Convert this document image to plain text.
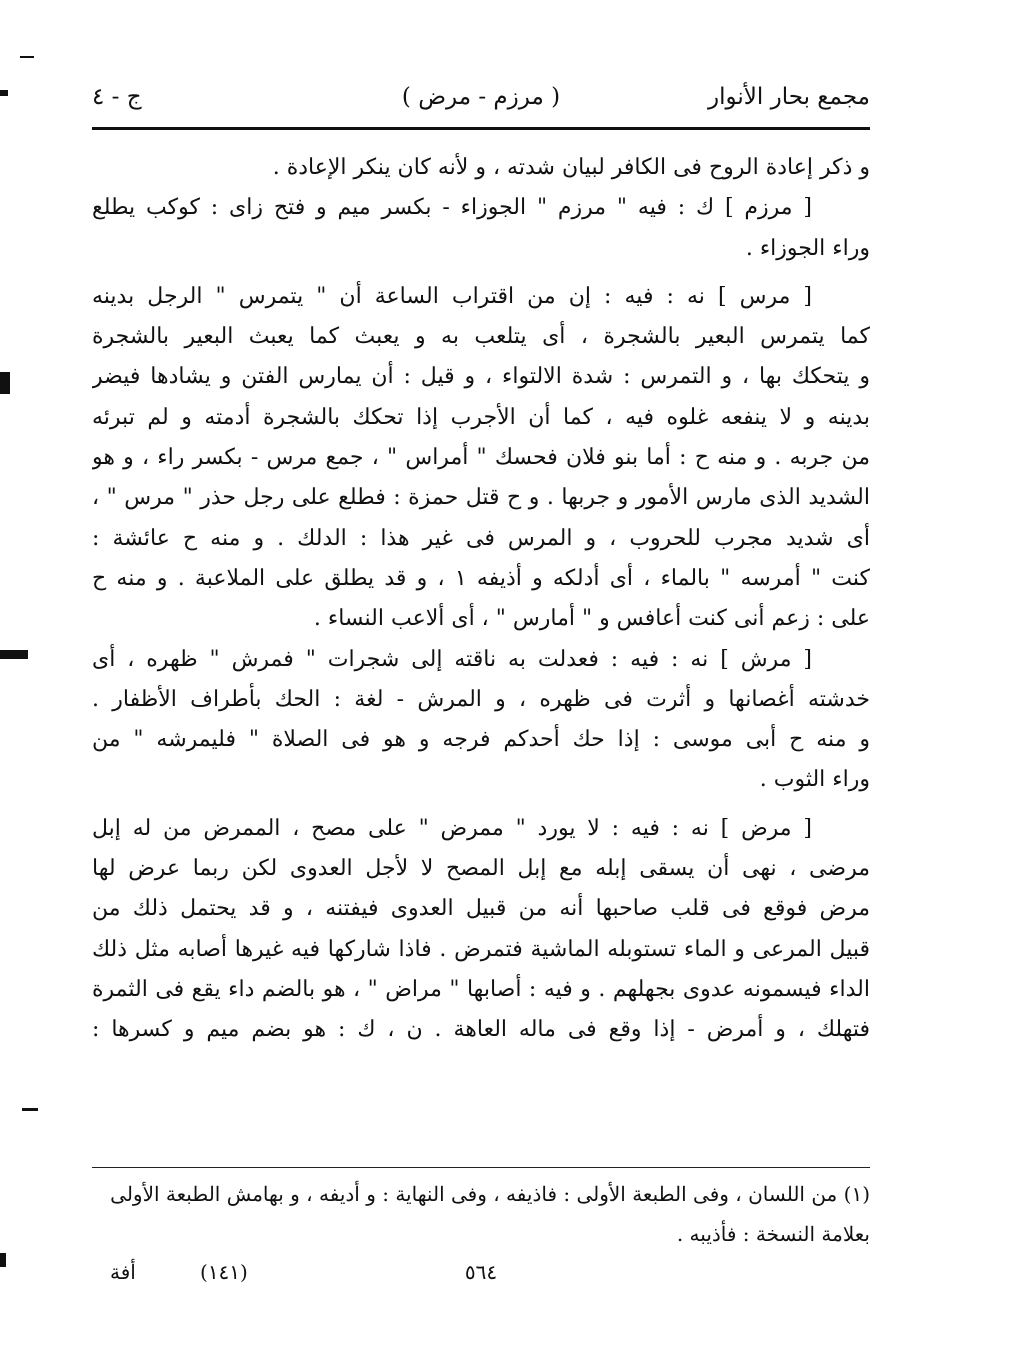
مجمع بحار الأنوار
( مرزم - مرض )
ج - ٤
و ذكر إعادة الروح فى الكافر لبيان شدته ، و لأنه كان ينكر الإعادة .
[ مرزم ] ك : فيه " مرزم " الجوزاء - بكسر ميم و فتح زاى : كوكب يطلع
وراء الجوزاء .
[ مرس ] نه : فيه : إن من اقتراب الساعة أن " يتمرس " الرجل بدينه
كما يتمرس البعير بالشجرة ، أى يتلعب به و يعبث كما يعبث البعير بالشجرة
و يتحكك بها ، و التمرس : شدة الالتواء ، و قيل : أن يمارس الفتن و يشادها فيضر
بدينه و لا ينفعه غلوه فيه ، كما أن الأجرب إذا تحكك بالشجرة أدمته و لم تبرئه
من جربه . و منه ح : أما بنو فلان فحسك " أمراس " ، جمع مرس - بكسر راء ، و هو
الشديد الذى مارس الأمور و جربها . و ح قتل حمزة : فطلع على رجل حذر " مرس " ،
أى شديد مجرب للحروب ، و المرس فى غير هذا : الدلك . و منه ح عائشة :
كنت " أمرسه " بالماء ، أى أدلكه و أذيفه ١ ، و قد يطلق على الملاعبة . و منه ح
على : زعم أنى كنت أعافس و " أمارس " ، أى ألاعب النساء .
[ مرش ] نه : فيه : فعدلت به ناقته إلى شجرات " فمرش " ظهره ، أى
خدشته أغصانها و أثرت فى ظهره ، و المرش - لغة : الحك بأطراف الأظفار .
و منه ح أبى موسى : إذا حك أحدكم فرجه و هو فى الصلاة " فليمرشه " من
وراء الثوب .
[ مرض ] نه : فيه : لا يورد " ممرض " على مصح ، الممرض من له إبل
مرضى ، نهى أن يسقى إبله مع إبل المصح لا لأجل العدوى لكن ربما عرض لها
مرض فوقع فى قلب صاحبها أنه من قبيل العدوى فيفتنه ، و قد يحتمل ذلك من
قبيل المرعى و الماء تستوبله الماشية فتمرض . فاذا شاركها فيه غيرها أصابه مثل ذلك
الداء فيسمونه عدوى بجهلهم . و فيه : أصابها " مراض " ، هو بالضم داء يقع فى الثمرة
فتهلك ، و أمرض - إذا وقع فى ماله العاهة . ن ، ك : هو بضم ميم و كسرها :
(١) من اللسان ، وفى الطبعة الأولى : فاذيفه ، وفى النهاية : و أديفه ، و بهامش الطبعة الأولى
بعلامة النسخة : فأذيبه .
٥٦٤
(١٤١)
أفة
